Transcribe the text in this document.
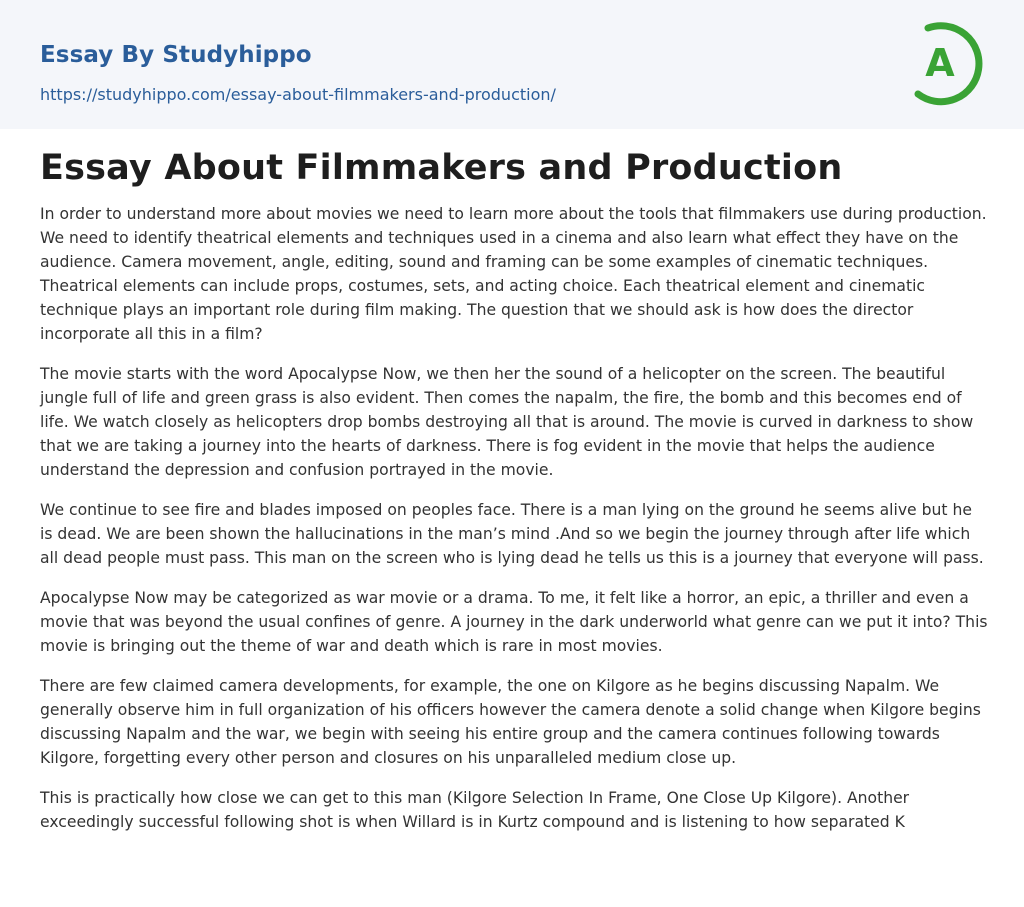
Essay By Studyhippo
https://studyhippo.com/essay-about-filmmakers-and-production/
A
Essay About Filmmakers and Production

In order to understand more about movies we need to learn more about the tools that filmmakers use during production. We need to identify theatrical elements and techniques used in a cinema and also learn what effect they have on the audience. Camera movement, angle, editing, sound and framing can be some examples of cinematic techniques. Theatrical elements can include props, costumes, sets, and acting choice. Each theatrical element and cinematic technique plays an important role during film making. The question that we should ask is how does the director incorporate all this in a film?

The movie starts with the word Apocalypse Now, we then her the sound of a helicopter on the screen. The beautiful jungle full of life and green grass is also evident. Then comes the napalm, the fire, the bomb and this becomes end of life. We watch closely as helicopters drop bombs destroying all that is around. The movie is curved in darkness to show that we are taking a journey into the hearts of darkness. There is fog evident in the movie that helps the audience understand the depression and confusion portrayed in the movie.

We continue to see fire and blades imposed on peoples face. There is a man lying on the ground he seems alive but he is dead. We are been shown the hallucinations in the man’s mind .And so we begin the journey through after life which all dead people must pass. This man on the screen who is lying dead he tells us this is a journey that everyone will pass.

Apocalypse Now may be categorized as war movie or a drama. To me, it felt like a horror, an epic, a thriller and even a movie that was beyond the usual confines of genre. A journey in the dark underworld what genre can we put it into? This movie is bringing out the theme of war and death which is rare in most movies.

There are few claimed camera developments, for example, the one on Kilgore as he begins discussing Napalm. We generally observe him in full organization of his officers however the camera denote a solid change when Kilgore begins discussing Napalm and the war, we begin with seeing his entire group and the camera continues following towards Kilgore, forgetting every other person and closures on his unparalleled medium close up.

This is practically how close we can get to this man (Kilgore Selection In Frame, One Close Up Kilgore). Another exceedingly successful following shot is when Willard is in Kurtz compound and is listening to how separated K
